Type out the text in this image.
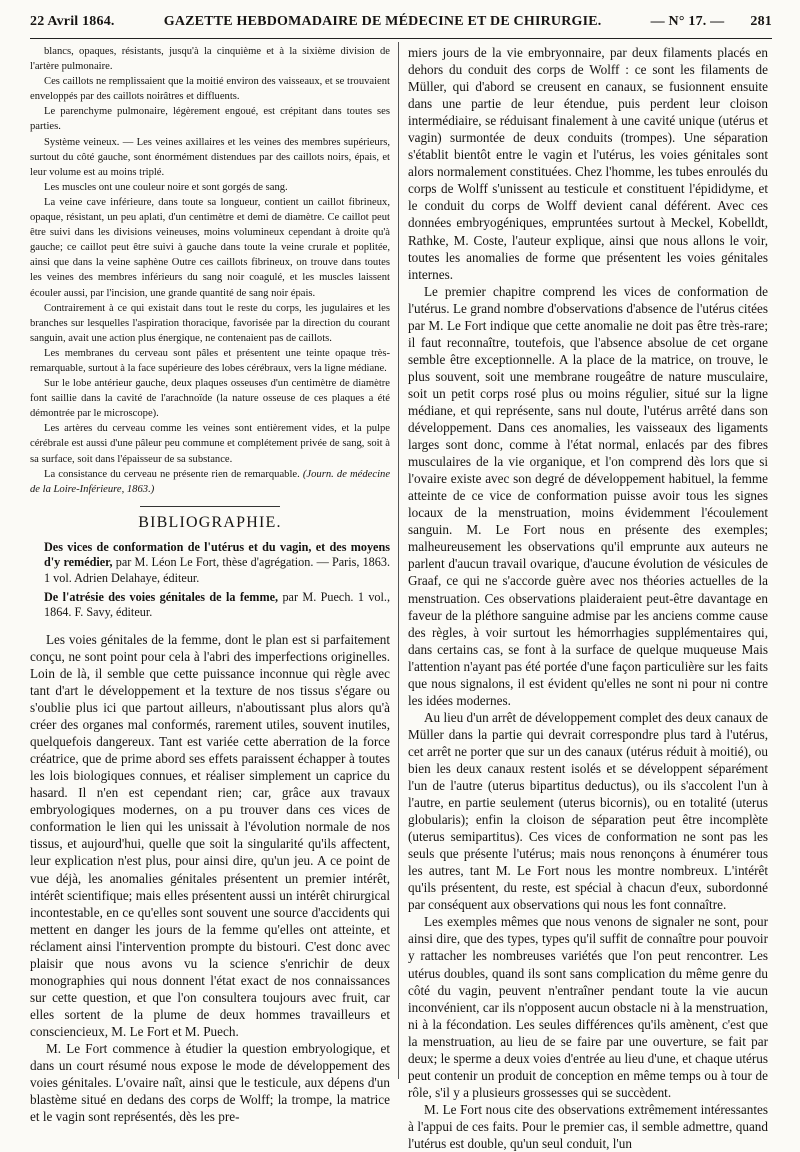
22 Avril 1864.	GAZETTE HEBDOMADAIRE DE MÉDECINE ET DE CHIRURGIE.	— N° 17. — 281

blancs, opaques, résistants, jusqu'à la cinquième et à la sixième division de l'artère pulmonaire.

Ces caillots ne remplissaient que la moitié environ des vaisseaux, et se trouvaient enveloppés par des caillots noirâtres et diffluents.

Le parenchyme pulmonaire, légèrement engoué, est crépitant dans toutes ses parties.

Système veineux. — Les veines axillaires et les veines des membres supérieurs, surtout du côté gauche, sont énormément distendues par des caillots noirs, épais, et leur volume est au moins triplé.

Les muscles ont une couleur noire et sont gorgés de sang.

La veine cave inférieure, dans toute sa longueur, contient un caillot fibrineux, opaque, résistant, un peu aplati, d'un centimètre et demi de diamètre. Ce caillot peut être suivi dans les divisions veineuses, moins volumineux cependant à droite qu'à gauche; ce caillot peut être suivi à gauche dans toute la veine crurale et poplitée, ainsi que dans la veine saphène Outre ces caillots fibrineux, on trouve dans toutes les veines des membres inférieurs du sang noir coagulé, et les muscles laissent écouler aussi, par l'incision, une grande quantité de sang noir épais.

Contrairement à ce qui existait dans tout le reste du corps, les jugulaires et les branches sur lesquelles l'aspiration thoracique, favorisée par la direction du courant sanguin, avait une action plus énergique, ne contenaient pas de caillots.

Les membranes du cerveau sont pâles et présentent une teinte opaque très-remarquable, surtout à la face supérieure des lobes cérébraux, vers la ligne médiane.

Sur le lobe antérieur gauche, deux plaques osseuses d'un centimètre de diamètre font saillie dans la cavité de l'arachnoïde (la nature osseuse de ces plaques a été démontrée par le microscope).

Les artères du cerveau comme les veines sont entièrement vides, et la pulpe cérébrale est aussi d'une pâleur peu commune et complétement privée de sang, soit à sa surface, soit dans l'épaisseur de sa substance.

La consistance du cerveau ne présente rien de remarquable. (Journ. de médecine de la Loire-Inférieure, 1863.)

BIBLIOGRAPHIE.

Des vices de conformation de l'utérus et du vagin, et des moyens d'y remédier, par M. Léon Le Fort, thèse d'agrégation. — Paris, 1863. 1 vol. Adrien Delahaye, éditeur.

De l'atrésie des voies génitales de la femme, par M. Puech. 1 vol., 1864. F. Savy, éditeur.

Les voies génitales de la femme, dont le plan est si parfaitement conçu, ne sont point pour cela à l'abri des imperfections originelles. Loin de là, il semble que cette puissance inconnue qui règle avec tant d'art le développement et la texture de nos tissus s'égare ou s'oublie plus ici que partout ailleurs, n'aboutissant plus alors qu'à créer des organes mal conformés, rarement utiles, souvent inutiles, quelquefois dangereux. Tant est variée cette aberration de la force créatrice, que de prime abord ses effets paraissent échapper à toutes les lois biologiques connues, et réaliser simplement un caprice du hasard. Il n'en est cependant rien; car, grâce aux travaux embryologiques modernes, on a pu trouver dans ces vices de conformation le lien qui les unissait à l'évolution normale de nos tissus, et aujourd'hui, quelle que soit la singularité qu'ils affectent, leur explication n'est plus, pour ainsi dire, qu'un jeu. A ce point de vue déjà, les anomalies génitales présentent un premier intérêt, intérêt scientifique; mais elles présentent aussi un intérêt chirurgical incontestable, en ce qu'elles sont souvent une source d'accidents qui mettent en danger les jours de la femme qu'elles ont atteinte, et réclament ainsi l'intervention prompte du bistouri. C'est donc avec plaisir que nous avons vu la science s'enrichir de deux monographies qui nous donnent l'état exact de nos connaissances sur cette question, et que l'on consultera toujours avec fruit, car elles sortent de la plume de deux hommes travailleurs et consciencieux, M. Le Fort et M. Puech.

M. Le Fort commence à étudier la question embryologique, et dans un court résumé nous expose le mode de développement des voies génitales. L'ovaire naît, ainsi que le testicule, aux dépens d'un blastème situé en dedans des corps de Wolff; la trompe, la matrice et le vagin sont représentés, dès les pre-

miers jours de la vie embryonnaire, par deux filaments placés en dehors du conduit des corps de Wolff : ce sont les filaments de Müller, qui d'abord se creusent en canaux, se fusionnent ensuite dans une partie de leur étendue, puis perdent leur cloison intermédiaire, se réduisant finalement à une cavité unique (utérus et vagin) surmontée de deux conduits (trompes). Une séparation s'établit bientôt entre le vagin et l'utérus, les voies génitales sont alors normalement constituées. Chez l'homme, les tubes enroulés du corps de Wolff s'unissent au testicule et constituent l'épididyme, et le conduit du corps de Wolff devient canal déférent. Avec ces données embryogéniques, empruntées surtout à Meckel, Kobelldt, Rathke, M. Coste, l'auteur explique, ainsi que nous allons le voir, toutes les anomalies de forme que présentent les voies génitales internes.

Le premier chapitre comprend les vices de conformation de l'utérus. Le grand nombre d'observations d'absence de l'utérus citées par M. Le Fort indique que cette anomalie ne doit pas être très-rare; il faut reconnaître, toutefois, que l'absence absolue de cet organe semble être exceptionnelle. A la place de la matrice, on trouve, le plus souvent, soit une membrane rougeâtre de nature musculaire, soit un petit corps rosé plus ou moins régulier, situé sur la ligne médiane, et qui représente, sans nul doute, l'utérus arrêté dans son développement. Dans ces anomalies, les vaisseaux des ligaments larges sont donc, comme à l'état normal, enlacés par des fibres musculaires de la vie organique, et l'on comprend dès lors que si l'ovaire existe avec son degré de développement habituel, la femme atteinte de ce vice de conformation puisse avoir tous les signes locaux de la menstruation, moins évidemment l'écoulement sanguin. M. Le Fort nous en présente des exemples; malheureusement les observations qu'il emprunte aux auteurs ne parlent d'aucun travail ovarique, d'aucune évolution de vésicules de Graaf, ce qui ne s'accorde guère avec nos théories actuelles de la menstruation. Ces observations plaideraient peut-être davantage en faveur de la pléthore sanguine admise par les anciens comme cause des règles, à voir surtout les hémorrhagies supplémentaires qui, dans certains cas, se font à la surface de quelque muqueuse Mais l'attention n'ayant pas été portée d'une façon particulière sur les faits que nous signalons, il est évident qu'elles ne sont ni pour ni contre les idées modernes.

Au lieu d'un arrêt de développement complet des deux canaux de Müller dans la partie qui devrait correspondre plus tard à l'utérus, cet arrêt ne porter que sur un des canaux (utérus réduit à moitié), ou bien les deux canaux restent isolés et se développent séparément l'un de l'autre (uterus bipartitus deductus), ou ils s'accolent l'un à l'autre, en partie seulement (uterus bicornis), ou en totalité (uterus globularis); enfin la cloison de séparation peut être incomplète (uterus semipartitus). Ces vices de conformation ne sont pas les seuls que présente l'utérus; mais nous renonçons à énumérer tous les autres, tant M. Le Fort nous les montre nombreux. L'intérêt qu'ils présentent, du reste, est spécial à chacun d'eux, subordonné par conséquent aux observations qui nous les font connaître.

Les exemples mêmes que nous venons de signaler ne sont, pour ainsi dire, que des types, types qu'il suffit de connaître pour pouvoir y rattacher les nombreuses variétés que l'on peut rencontrer. Les utérus doubles, quand ils sont sans complication du même genre du côté du vagin, peuvent n'entraîner pendant toute la vie aucun inconvénient, car ils n'opposent aucun obstacle ni à la menstruation, ni à la fécondation. Les seules différences qu'ils amènent, c'est que la menstruation, au lieu de se faire par une ouverture, se fait par deux; le sperme a deux voies d'entrée au lieu d'une, et chaque utérus peut contenir un produit de conception en même temps ou à tour de rôle, s'il y a plusieurs grossesses qui se succèdent.

M. Le Fort nous cite des observations extrêmement intéressantes à l'appui de ces faits. Pour le premier cas, il semble admettre, quand l'utérus est double, qu'un seul conduit, l'un
